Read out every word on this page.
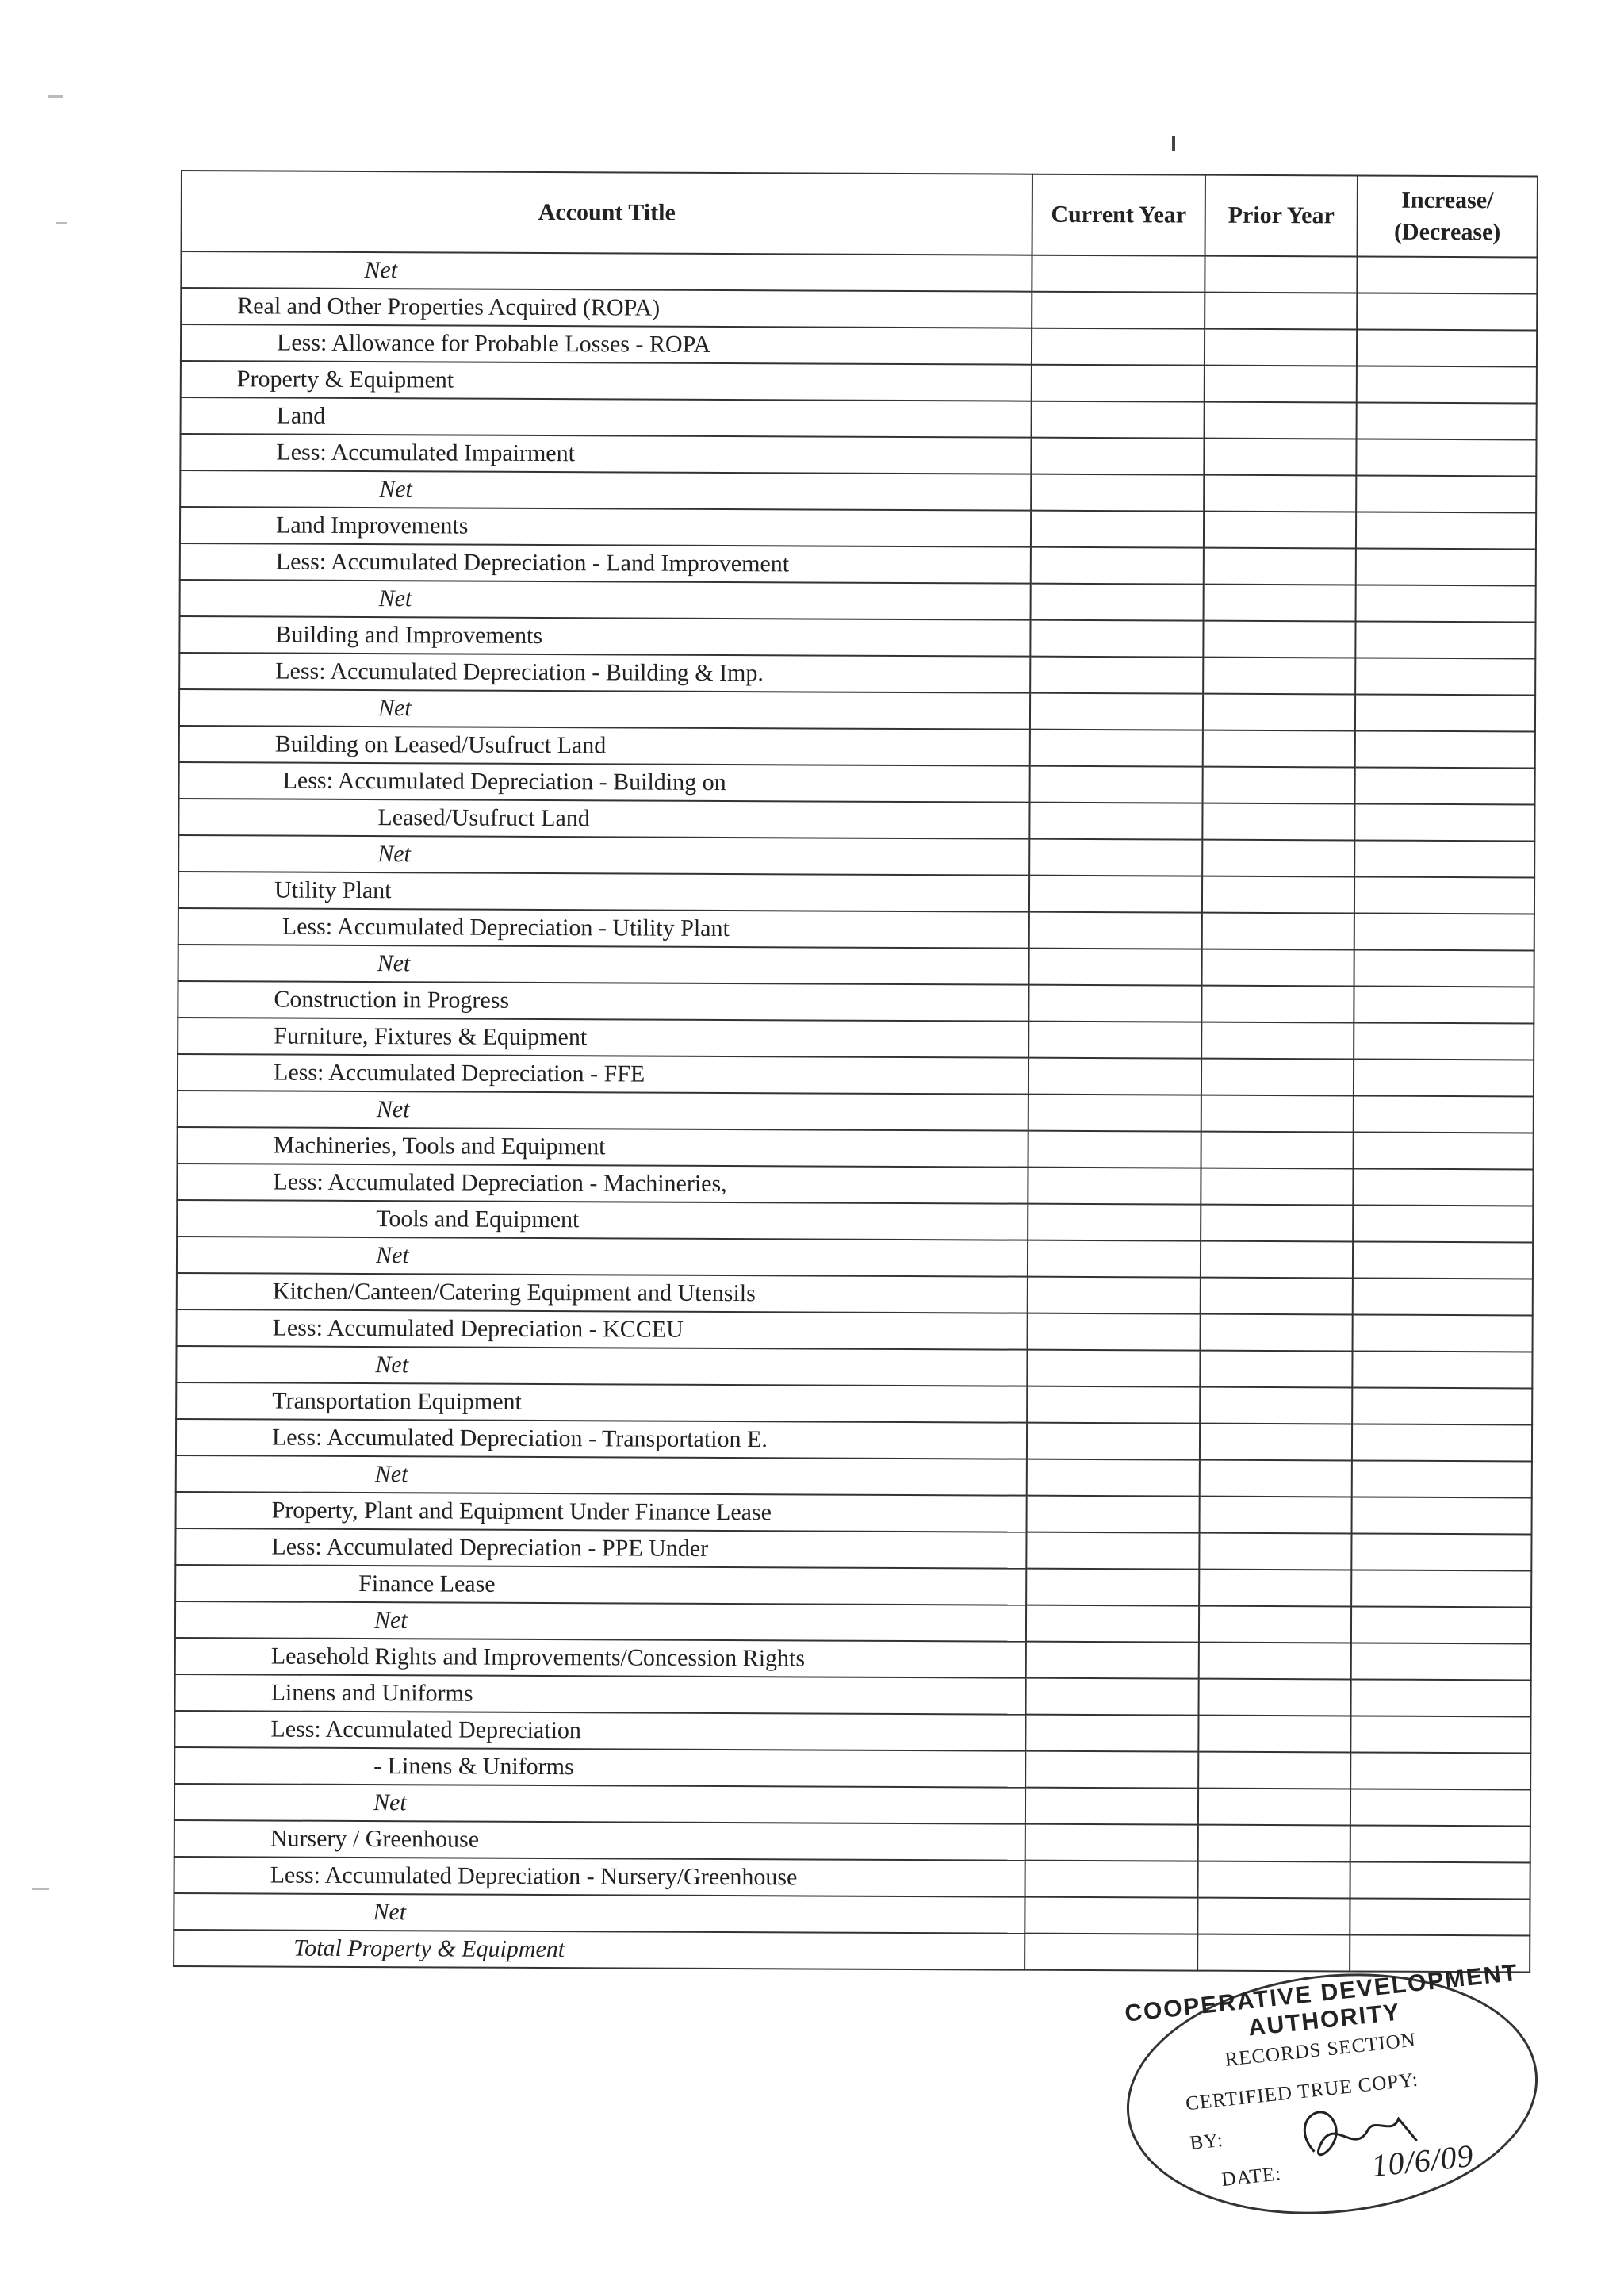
Account Title	Current Year	Prior Year	Increase/
(Decrease)

Net			

Real and Other Properties Acquired (ROPA)			

Less: Allowance for Probable Losses - ROPA			

Property & Equipment			

Land			

Less: Accumulated Impairment			

Net			

Land Improvements			

Less: Accumulated Depreciation - Land Improvement			

Net			

Building and Improvements			

Less: Accumulated Depreciation - Building & Imp.			

Net			

Building on Leased/Usufruct Land			

Less: Accumulated Depreciation - Building on			

Leased/Usufruct Land			

Net			

Utility Plant			

Less: Accumulated Depreciation - Utility Plant			

Net			

Construction in Progress			

Furniture, Fixtures & Equipment			

Less: Accumulated Depreciation - FFE			

Net			

Machineries, Tools and Equipment			

Less: Accumulated Depreciation - Machineries,			

Tools and Equipment			

Net			

Kitchen/Canteen/Catering Equipment and Utensils			

Less: Accumulated Depreciation - KCCEU			

Net			

Transportation Equipment			

Less: Accumulated Depreciation - Transportation E.			

Net			

Property, Plant and Equipment Under Finance Lease			

Less: Accumulated Depreciation - PPE Under			

Finance Lease			

Net			

Leasehold Rights and Improvements/Concession Rights			

Linens and Uniforms			

Less: Accumulated Depreciation			

- Linens & Uniforms			

Net			

Nursery / Greenhouse			

Less: Accumulated Depreciation - Nursery/Greenhouse			

Net			

Total Property & Equipment			

COOPERATIVE DEVELOPMENT AUTHORITY
RECORDS SECTION
CERTIFIED TRUE COPY:
BY:
DATE:	10/6/09
